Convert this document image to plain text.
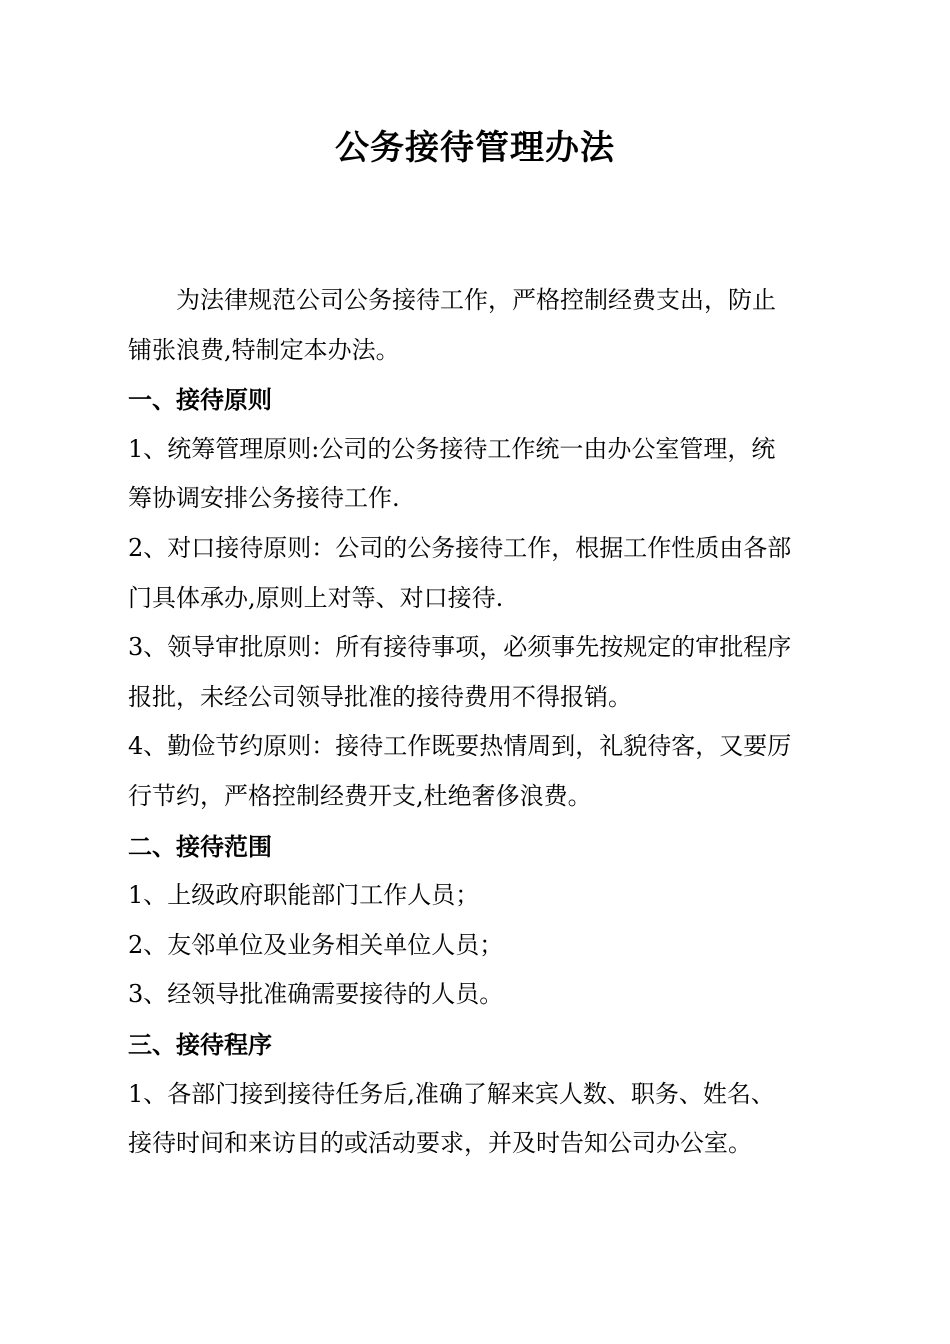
公务接待管理办法
为法律规范公司公务接待工作，严格控制经费支出，防止
铺张浪费,特制定本办法。
一、接待原则
1、统筹管理原则:公司的公务接待工作统一由办公室管理，统
筹协调安排公务接待工作.
2、对口接待原则：公司的公务接待工作，根据工作性质由各部
门具体承办,原则上对等、对口接待.
3、领导审批原则：所有接待事项，必须事先按规定的审批程序
报批，未经公司领导批准的接待费用不得报销。
4、勤俭节约原则：接待工作既要热情周到，礼貌待客，又要厉
行节约，严格控制经费开支,杜绝奢侈浪费。
二、接待范围
1、上级政府职能部门工作人员；
2、友邻单位及业务相关单位人员；
3、经领导批准确需要接待的人员。
三、接待程序
1、各部门接到接待任务后,准确了解来宾人数、职务、姓名、
接待时间和来访目的或活动要求，并及时告知公司办公室。
